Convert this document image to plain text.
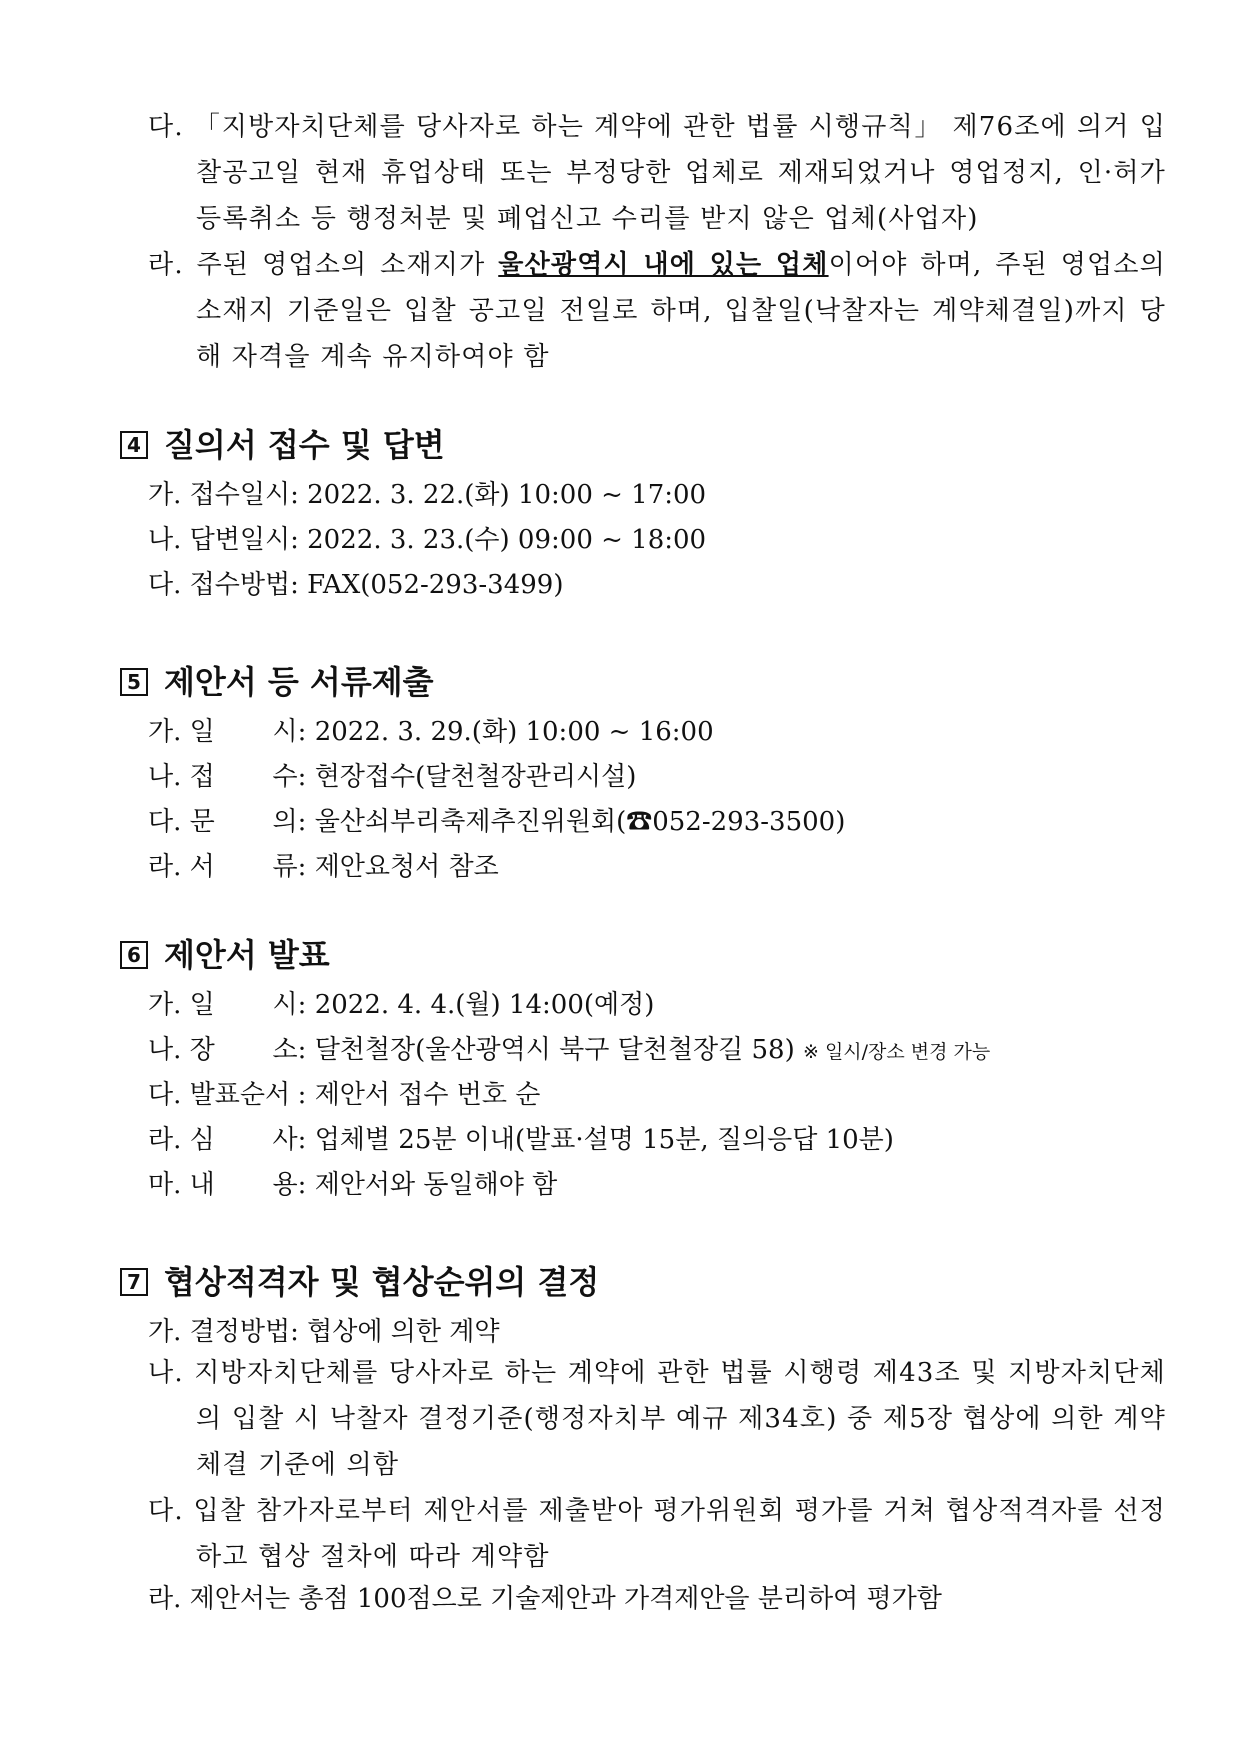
다. 「지방자치단체를 당사자로 하는 계약에 관한 법률 시행규칙」 제76조에 의거 입찰공고일 현재 휴업상태 또는 부정당한 업체로 제재되었거나 영업정지, 인·허가 등록취소 등 행정처분 및 폐업신고 수리를 받지 않은 업체(사업자)
라. 주된 영업소의 소재지가 울산광역시 내에 있는 업체이어야 하며, 주된 영업소의 소재지 기준일은 입찰 공고일 전일로 하며, 입찰일(낙찰자는 계약체결일)까지 당해 자격을 계속 유지하여야 함
4 질의서 접수 및 답변
가. 접수일시: 2022. 3. 22.(화) 10:00 ~ 17:00
나. 답변일시: 2022. 3. 23.(수) 09:00 ~ 18:00
다. 접수방법: FAX(052-293-3499)
5 제안서 등 서류제출
가. 일 시: 2022. 3. 29.(화) 10:00 ~ 16:00
나. 접 수: 현장접수(달천철장관리시설)
다. 문 의: 울산쇠부리축제추진위원회(☎052-293-3500)
라. 서 류: 제안요청서 참조
6 제안서 발표
가. 일 시: 2022. 4. 4.(월) 14:00(예정)
나. 장 소: 달천철장(울산광역시 북구 달천철장길 58) ※ 일시/장소 변경 가능
다. 발표순서 : 제안서 접수 번호 순
라. 심 사: 업체별 25분 이내(발표·설명 15분, 질의응답 10분)
마. 내 용: 제안서와 동일해야 함
7 협상적격자 및 협상순위의 결정
가. 결정방법: 협상에 의한 계약
나. 지방자치단체를 당사자로 하는 계약에 관한 법률 시행령 제43조 및 지방자치단체의 입찰 시 낙찰자 결정기준(행정자치부 예규 제34호) 중 제5장 협상에 의한 계약 체결 기준에 의함
다. 입찰 참가자로부터 제안서를 제출받아 평가위원회 평가를 거쳐 협상적격자를 선정하고 협상 절차에 따라 계약함
라. 제안서는 총점 100점으로 기술제안과 가격제안을 분리하여 평가함
